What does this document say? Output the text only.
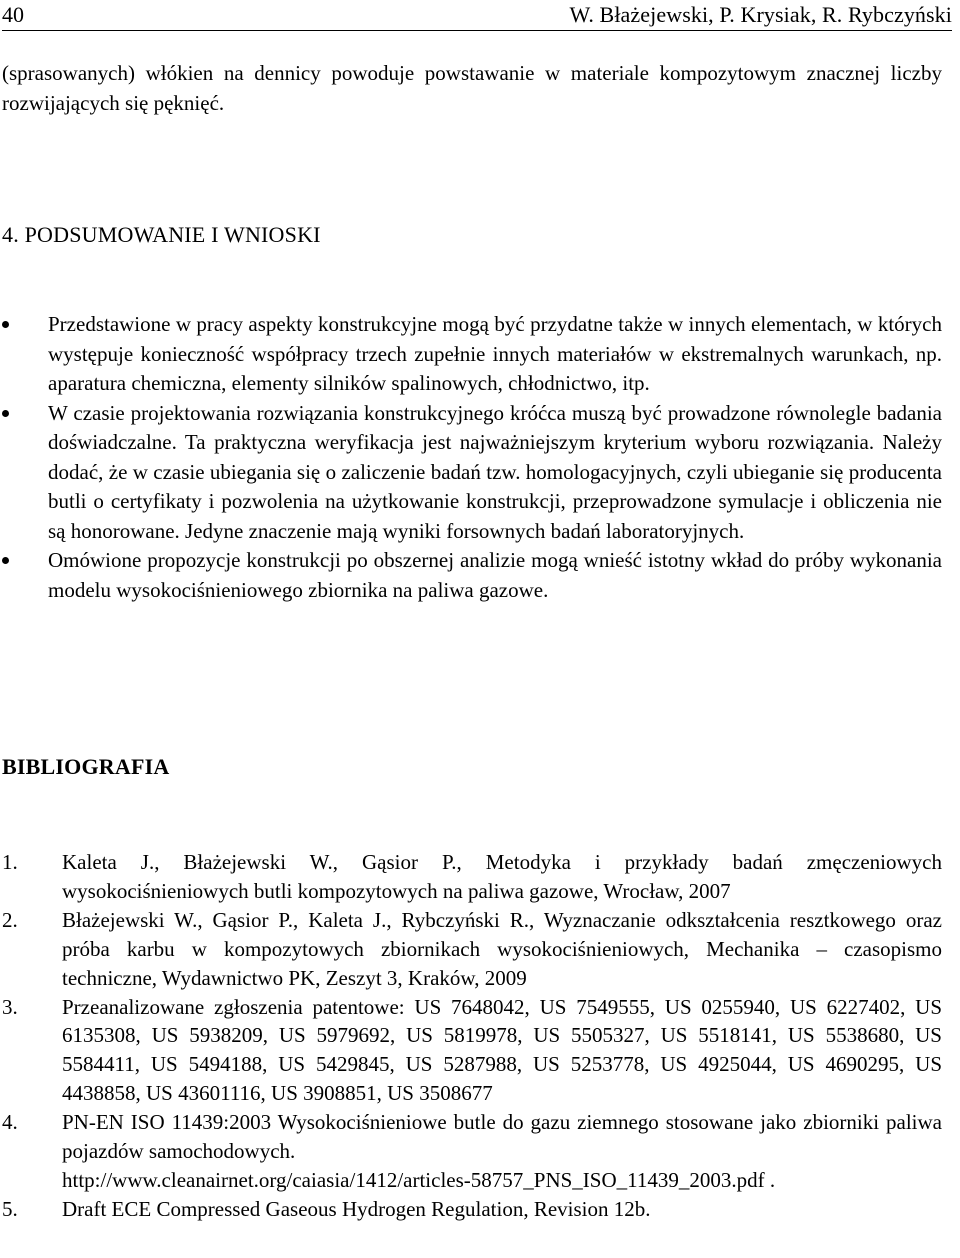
40	W. Błażejewski, P. Krysiak, R. Rybczyński
(sprasowanych) włókien na dennicy powoduje powstawanie w materiale kompozytowym znacznej liczby rozwijających się pęknięć.
4. PODSUMOWANIE I WNIOSKI
Przedstawione w pracy aspekty konstrukcyjne mogą być przydatne także w innych elementach, w których występuje konieczność współpracy trzech zupełnie innych materiałów w ekstremalnych warunkach, np. aparatura chemiczna, elementy silników spalinowych, chłodnictwo, itp.
W czasie projektowania rozwiązania konstrukcyjnego króćca muszą być prowadzone równolegle badania doświadczalne. Ta praktyczna weryfikacja jest najważniejszym kryterium wyboru rozwiązania. Należy dodać, że w czasie ubiegania się o zaliczenie badań tzw. homologacyjnych, czyli ubieganie się producenta butli o certyfikaty i pozwolenia na użytkowanie konstrukcji, przeprowadzone symulacje i obliczenia nie są honorowane. Jedyne znaczenie mają wyniki forsownych badań laboratoryjnych.
Omówione propozycje konstrukcji po obszernej analizie mogą wnieść istotny wkład do próby wykonania modelu wysokociśnieniowego zbiornika na paliwa gazowe.
BIBLIOGRAFIA
1. Kaleta J., Błażejewski W., Gąsior P., Metodyka i przykłady badań zmęczeniowych wysokociśnieniowych butli kompozytowych na paliwa gazowe, Wrocław, 2007
2. Błażejewski W., Gąsior P., Kaleta J., Rybczyński R., Wyznaczanie odkształcenia resztkowego oraz próba karbu w kompozytowych zbiornikach wysokociśnieniowych, Mechanika – czasopismo techniczne, Wydawnictwo PK, Zeszyt 3, Kraków, 2009
3. Przeanalizowane zgłoszenia patentowe: US 7648042, US 7549555, US 0255940, US 6227402, US 6135308, US 5938209, US 5979692, US 5819978, US 5505327, US 5518141, US 5538680, US 5584411, US 5494188, US 5429845, US 5287988, US 5253778, US 4925044, US 4690295, US 4438858, US 43601116, US 3908851, US 3508677
4. PN-EN ISO 11439:2003 Wysokociśnieniowe butle do gazu ziemnego stosowane jako zbiorniki paliwa pojazdów samochodowych.
http://www.cleanairnet.org/caiasia/1412/articles-58757_PNS_ISO_11439_2003.pdf .
5. Draft ECE Compressed Gaseous Hydrogen Regulation, Revision 12b.
